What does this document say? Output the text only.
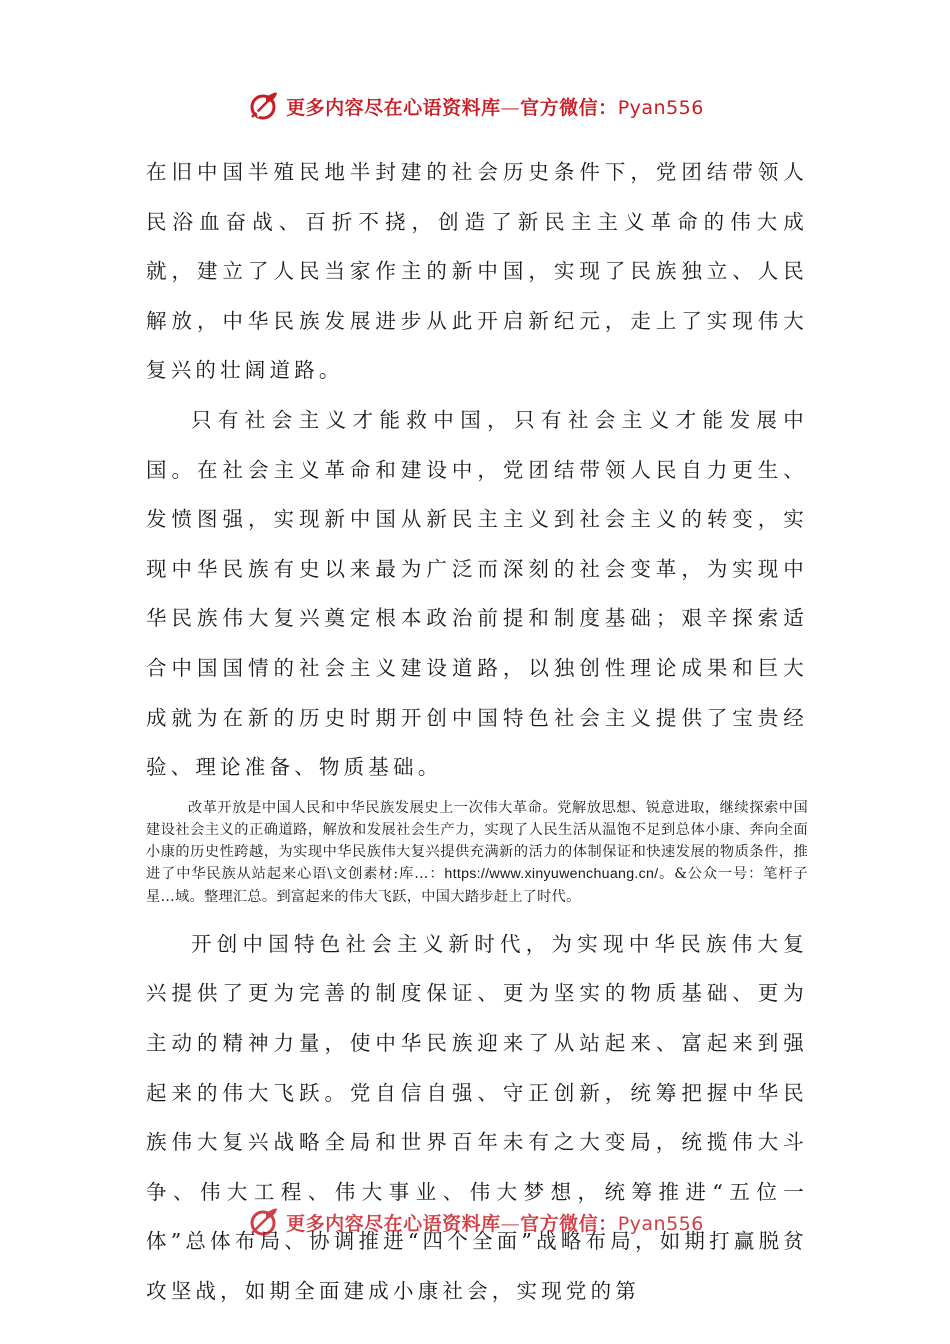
更多内容尽在心语资料库—官方微信：Pyan556

在旧中国半殖民地半封建的社会历史条件下，党团结带领人民浴血奋战、百折不挠，创造了新民主主义革命的伟大成就，建立了人民当家作主的新中国，实现了民族独立、人民解放，中华民族发展进步从此开启新纪元，走上了实现伟大复兴的壮阔道路。

只有社会主义才能救中国，只有社会主义才能发展中国。在社会主义革命和建设中，党团结带领人民自力更生、发愤图强，实现新中国从新民主主义到社会主义的转变，实现中华民族有史以来最为广泛而深刻的社会变革，为实现中华民族伟大复兴奠定根本政治前提和制度基础；艰辛探索适合中国国情的社会主义建设道路，以独创性理论成果和巨大成就为在新的历史时期开创中国特色社会主义提供了宝贵经验、理论准备、物质基础。

改革开放是中国人民和中华民族发展史上一次伟大革命。党解放思想、锐意进取，继续探索中国建设社会主义的正确道路，解放和发展社会生产力，实现了人民生活从温饱不足到总体小康、奔向全面小康的历史性跨越，为实现中华民族伟大复兴提供充满新的活力的体制保证和快速发展的物质条件，推进了中华民族从站起来心语\文创素材:库…：https://www.xinyuwenchuang.cn/。&公众一号：笔杆子星…域。整理汇总。到富起来的伟大飞跃，中国大踏步赶上了时代。

开创中国特色社会主义新时代，为实现中华民族伟大复兴提供了更为完善的制度保证、更为坚实的物质基础、更为主动的精神力量，使中华民族迎来了从站起来、富起来到强起来的伟大飞跃。党自信自强、守正创新，统筹把握中华民族伟大复兴战略全局和世界百年未有之大变局，统揽伟大斗争、伟大工程、伟大事业、伟大梦想，统筹推进“五位一体”总体布局、协调推进“四个全面”战略布局，如期打赢脱贫攻坚战，如期全面建成小康社会，实现党的第

更多内容尽在心语资料库—官方微信：Pyan556
